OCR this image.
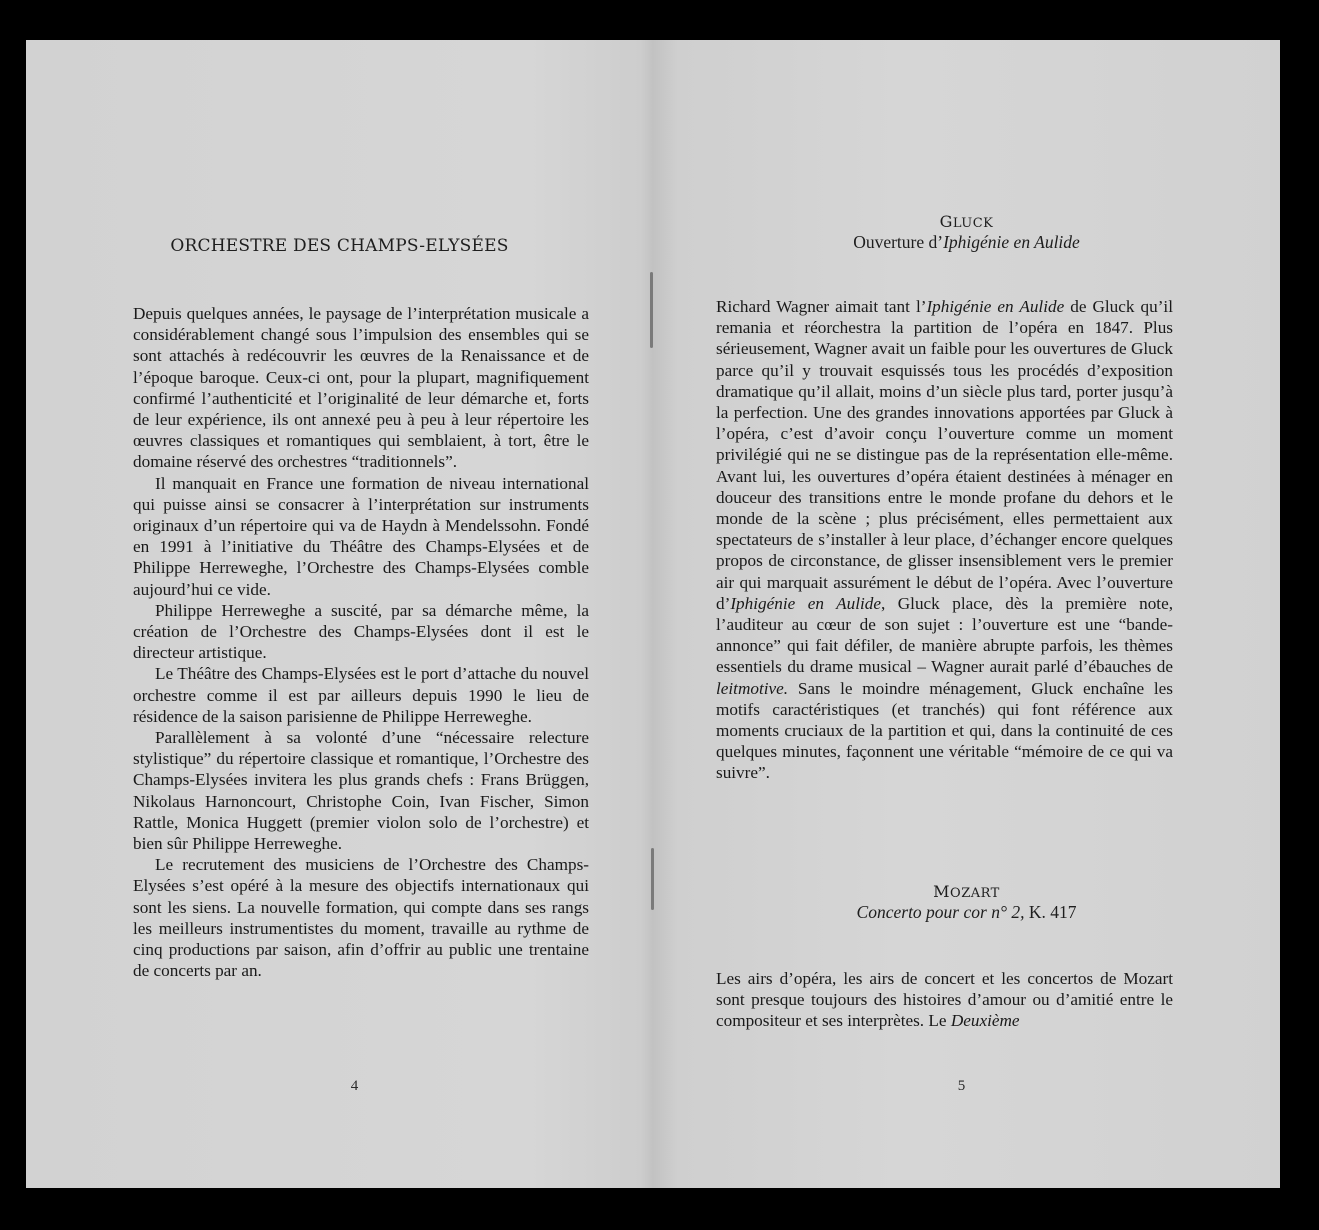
ORCHESTRE DES CHAMPS-ELYSÉES

Depuis quelques années, le paysage de l’interprétation musicale a considérablement changé sous l’impulsion des ensembles qui se sont attachés à redécouvrir les œuvres de la Renaissance et de l’époque baroque. Ceux-ci ont, pour la plupart, magnifiquement confirmé l’authenticité et l’originalité de leur démarche et, forts de leur expérience, ils ont annexé peu à peu à leur répertoire les œuvres classiques et romantiques qui semblaient, à tort, être le domaine réservé des orchestres “traditionnels”.

Il manquait en France une formation de niveau international qui puisse ainsi se consacrer à l’interprétation sur instruments originaux d’un répertoire qui va de Haydn à Mendelssohn. Fondé en 1991 à l’initiative du Théâtre des Champs-Elysées et de Philippe Herreweghe, l’Orchestre des Champs-Elysées comble aujourd’hui ce vide.

Philippe Herreweghe a suscité, par sa démarche même, la création de l’Orchestre des Champs-Elysées dont il est le directeur artistique.

Le Théâtre des Champs-Elysées est le port d’attache du nouvel orchestre comme il est par ailleurs depuis 1990 le lieu de résidence de la saison parisienne de Philippe Herreweghe.

Parallèlement à sa volonté d’une “nécessaire relecture stylistique” du répertoire classique et romantique, l’Orchestre des Champs-Elysées invitera les plus grands chefs : Frans Brüggen, Nikolaus Harnoncourt, Christophe Coin, Ivan Fischer, Simon Rattle, Monica Huggett (premier violon solo de l’orchestre) et bien sûr Philippe Herreweghe.

Le recrutement des musiciens de l’Orchestre des Champs-Elysées s’est opéré à la mesure des objectifs internationaux qui sont les siens. La nouvelle formation, qui compte dans ses rangs les meilleurs instrumentistes du moment, travaille au rythme de cinq productions par saison, afin d’offrir au public une trentaine de concerts par an.

4
GLUCK
Ouverture d’Iphigénie en Aulide

Richard Wagner aimait tant l’Iphigénie en Aulide de Gluck qu’il remania et réorchestra la partition de l’opéra en 1847. Plus sérieusement, Wagner avait un faible pour les ouvertures de Gluck parce qu’il y trouvait esquissés tous les procédés d’exposition dramatique qu’il allait, moins d’un siècle plus tard, porter jusqu’à la perfection. Une des grandes innovations apportées par Gluck à l’opéra, c’est d’avoir conçu l’ouverture comme un moment privilégié qui ne se distingue pas de la représentation elle-même. Avant lui, les ouvertures d’opéra étaient destinées à ménager en douceur des transitions entre le monde profane du dehors et le monde de la scène ; plus précisément, elles permettaient aux spectateurs de s’installer à leur place, d’échanger encore quelques propos de circonstance, de glisser insensiblement vers le premier air qui marquait assurément le début de l’opéra. Avec l’ouverture d’Iphigénie en Aulide, Gluck place, dès la première note, l’auditeur au cœur de son sujet : l’ouverture est une “bande-annonce” qui fait défiler, de manière abrupte parfois, les thèmes essentiels du drame musical – Wagner aurait parlé d’ébauches de leitmotive. Sans le moindre ménagement, Gluck enchaîne les motifs caractéristiques (et tranchés) qui font référence aux moments cruciaux de la partition et qui, dans la continuité de ces quelques minutes, façonnent une véritable “mémoire de ce qui va suivre”.

MOZART
Concerto pour cor n° 2, K. 417

Les airs d’opéra, les airs de concert et les concertos de Mozart sont presque toujours des histoires d’amour ou d’amitié entre le compositeur et ses interprètes. Le Deuxième

5
